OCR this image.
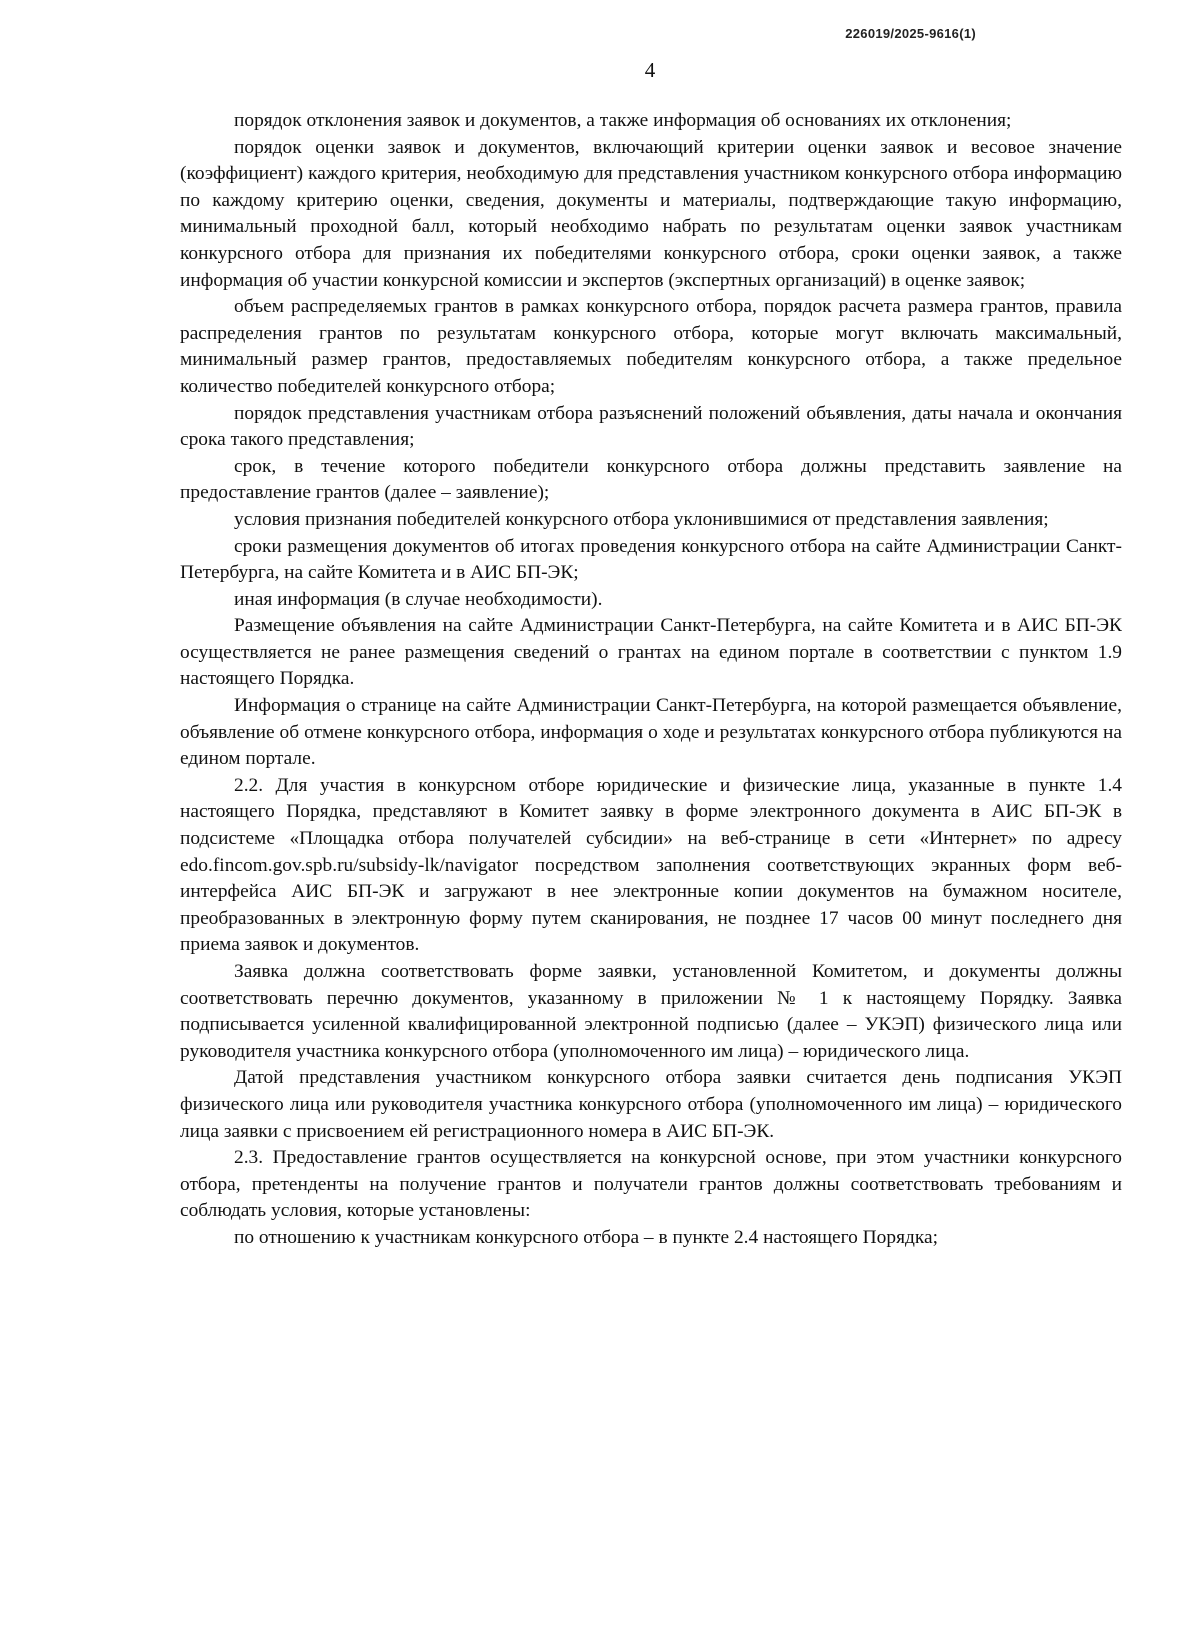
226019/2025-9616(1)
4

порядок отклонения заявок и документов, а также информация об основаниях их отклонения;

порядок оценки заявок и документов, включающий критерии оценки заявок и весовое значение (коэффициент) каждого критерия, необходимую для представления участником конкурсного отбора информацию по каждому критерию оценки, сведения, документы и материалы, подтверждающие такую информацию, минимальный проходной балл, который необходимо набрать по результатам оценки заявок участникам конкурсного отбора для признания их победителями конкурсного отбора, сроки оценки заявок, а также информация об участии конкурсной комиссии и экспертов (экспертных организаций) в оценке заявок;

объем распределяемых грантов в рамках конкурсного отбора, порядок расчета размера грантов, правила распределения грантов по результатам конкурсного отбора, которые могут включать максимальный, минимальный размер грантов, предоставляемых победителям конкурсного отбора, а также предельное количество победителей конкурсного отбора;

порядок представления участникам отбора разъяснений положений объявления, даты начала и окончания срока такого представления;

срок, в течение которого победители конкурсного отбора должны представить заявление на предоставление грантов (далее – заявление);

условия признания победителей конкурсного отбора уклонившимися от представления заявления;

сроки размещения документов об итогах проведения конкурсного отбора на сайте Администрации Санкт-Петербурга, на сайте Комитета и в АИС БП-ЭК;

иная информация (в случае необходимости).

Размещение объявления на сайте Администрации Санкт-Петербурга, на сайте Комитета и в АИС БП-ЭК осуществляется не ранее размещения сведений о грантах на едином портале в соответствии с пунктом 1.9 настоящего Порядка.

Информация о странице на сайте Администрации Санкт-Петербурга, на которой размещается объявление, объявление об отмене конкурсного отбора, информация о ходе и результатах конкурсного отбора публикуются на едином портале.

2.2. Для участия в конкурсном отборе юридические и физические лица, указанные в пункте 1.4 настоящего Порядка, представляют в Комитет заявку в форме электронного документа в АИС БП-ЭК в подсистеме «Площадка отбора получателей субсидии» на веб-странице в сети «Интернет» по адресу edo.fincom.gov.spb.ru/subsidy-lk/navigator посредством заполнения соответствующих экранных форм веб-интерфейса АИС БП-ЭК и загружают в нее электронные копии документов на бумажном носителе, преобразованных в электронную форму путем сканирования, не позднее 17 часов 00 минут последнего дня приема заявок и документов.

Заявка должна соответствовать форме заявки, установленной Комитетом, и документы должны соответствовать перечню документов, указанному в приложении № 1 к настоящему Порядку. Заявка подписывается усиленной квалифицированной электронной подписью (далее – УКЭП) физического лица или руководителя участника конкурсного отбора (уполномоченного им лица) – юридического лица.

Датой представления участником конкурсного отбора заявки считается день подписания УКЭП физического лица или руководителя участника конкурсного отбора (уполномоченного им лица) – юридического лица заявки с присвоением ей регистрационного номера в АИС БП-ЭК.

2.3. Предоставление грантов осуществляется на конкурсной основе, при этом участники конкурсного отбора, претенденты на получение грантов и получатели грантов должны соответствовать требованиям и соблюдать условия, которые установлены:

по отношению к участникам конкурсного отбора – в пункте 2.4 настоящего Порядка;
